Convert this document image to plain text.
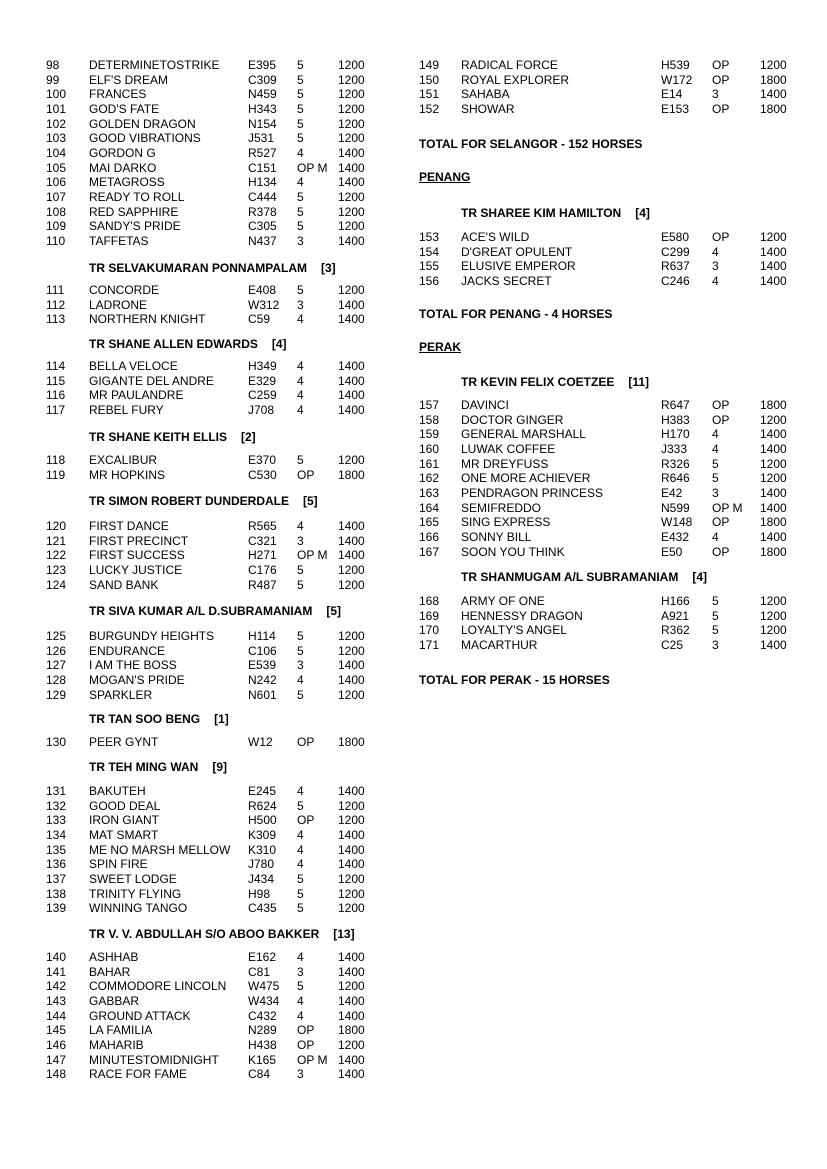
98 DETERMINETOSTRIKE E395 5	1200
99 ELF'S DREAM	C309 5	1200
100 FRANCES	N459 5	1200
101 GOD'S FATE	H343 5	1200
102 GOLDEN DRAGON	N154 5	1200
103 GOOD VIBRATIONS	J531 5	1200
104 GORDON G	R527 4	1400
105 MAI DARKO	C151 OP M 1400
106 METAGROSS	H134 4	1400
107 READY TO ROLL	C444 5	1200
108 RED SAPPHIRE	R378 5	1200
109 SANDY'S PRIDE	C305 5	1200
110 TAFFETAS	N437 3	1400
TR SELVAKUMARAN PONNAMPALAM [3]
111 CONCORDE	E408 5	1200
112 LADRONE	W312 3	1400
113 NORTHERN KNIGHT	C59 4	1400
TR SHANE ALLEN EDWARDS [4]
114 BELLA VELOCE	H349 4	1400
115 GIGANTE DEL ANDRE	E329 4	1400
116 MR PAULANDRE	C259 4	1400
117 REBEL FURY	J708 4	1400
TR SHANE KEITH ELLIS [2]
118 EXCALIBUR	E370 5	1200
119 MR HOPKINS	C530 OP 1800
TR SIMON ROBERT DUNDERDALE [5]
120 FIRST DANCE	R565 4	1400
121 FIRST PRECINCT	C321 3	1400
122 FIRST SUCCESS	H271 OP M 1400
123 LUCKY JUSTICE	C176 5	1200
124 SAND BANK	R487 5	1200
TR SIVA KUMAR A/L D.SUBRAMANIAM [5]
125 BURGUNDY HEIGHTS	H114 5	1200
126 ENDURANCE	C106 5	1200
127 I AM THE BOSS	E539 3	1400
128 MOGAN'S PRIDE	N242 4	1400
129 SPARKLER	N601 5	1200
TR TAN SOO BENG [1]
130 PEER GYNT	W12 OP 1800
TR TEH MING WAN [9]
131 BAKUTEH	E245 4	1400
132 GOOD DEAL	R624 5	1200
133 IRON GIANT	H500 OP 1200
134 MAT SMART	K309 4	1400
135 ME NO MARSH MELLOW K310 4	1400
136 SPIN FIRE	J780 4	1400
137 SWEET LODGE	J434 5	1200
138 TRINITY FLYING	H98 5	1200
139 WINNING TANGO	C435 5	1200
TR V. V. ABDULLAH S/O ABOO BAKKER [13]
140 ASHHAB	E162 4	1400
141 BAHAR	C81 3	1400
142 COMMODORE LINCOLN W475 5	1200
143 GABBAR	W434 4	1400
144 GROUND ATTACK	C432 4	1400
145 LA FAMILIA	N289 OP 1800
146 MAHARIB	H438 OP 1200
147 MINUTESTOMIDNIGHT K165 OP M 1400
148 RACE FOR FAME	C84 3	1400
149 RADICAL FORCE	H539 OP	1200
150 ROYAL EXPLORER	W172 OP	1800
151 SAHABA	E14 3	1400
152 SHOWAR	E153 OP	1800
TOTAL FOR SELANGOR - 152 HORSES
PENANG
TR SHAREE KIM HAMILTON [4]
153 ACE'S WILD	E580 OP	1200
154 D'GREAT OPULENT	C299 4	1400
155 ELUSIVE EMPEROR	R637 3	1400
156 JACKS SECRET	C246 4	1400
TOTAL FOR PENANG - 4 HORSES
PERAK
TR KEVIN FELIX COETZEE [11]
157 DAVINCI	R647 OP	1800
158 DOCTOR GINGER	H383 OP	1200
159 GENERAL MARSHALL	H170 4	1400
160 LUWAK COFFEE	J333 4	1400
161 MR DREYFUSS	R326 5	1200
162 ONE MORE ACHIEVER	R646 5	1200
163 PENDRAGON PRINCESS	E42 3	1400
164 SEMIFREDDO	N599 OP M 1400
165 SING EXPRESS	W148 OP	1800
166 SONNY BILL	E432 4	1400
167 SOON YOU THINK	E50 OP	1800
TR SHANMUGAM A/L SUBRAMANIAM [4]
168 ARMY OF ONE	H166 5	1200
169 HENNESSY DRAGON	A921 5	1200
170 LOYALTY'S ANGEL	R362 5	1200
171 MACARTHUR	C25 3	1400
TOTAL FOR PERAK - 15 HORSES
